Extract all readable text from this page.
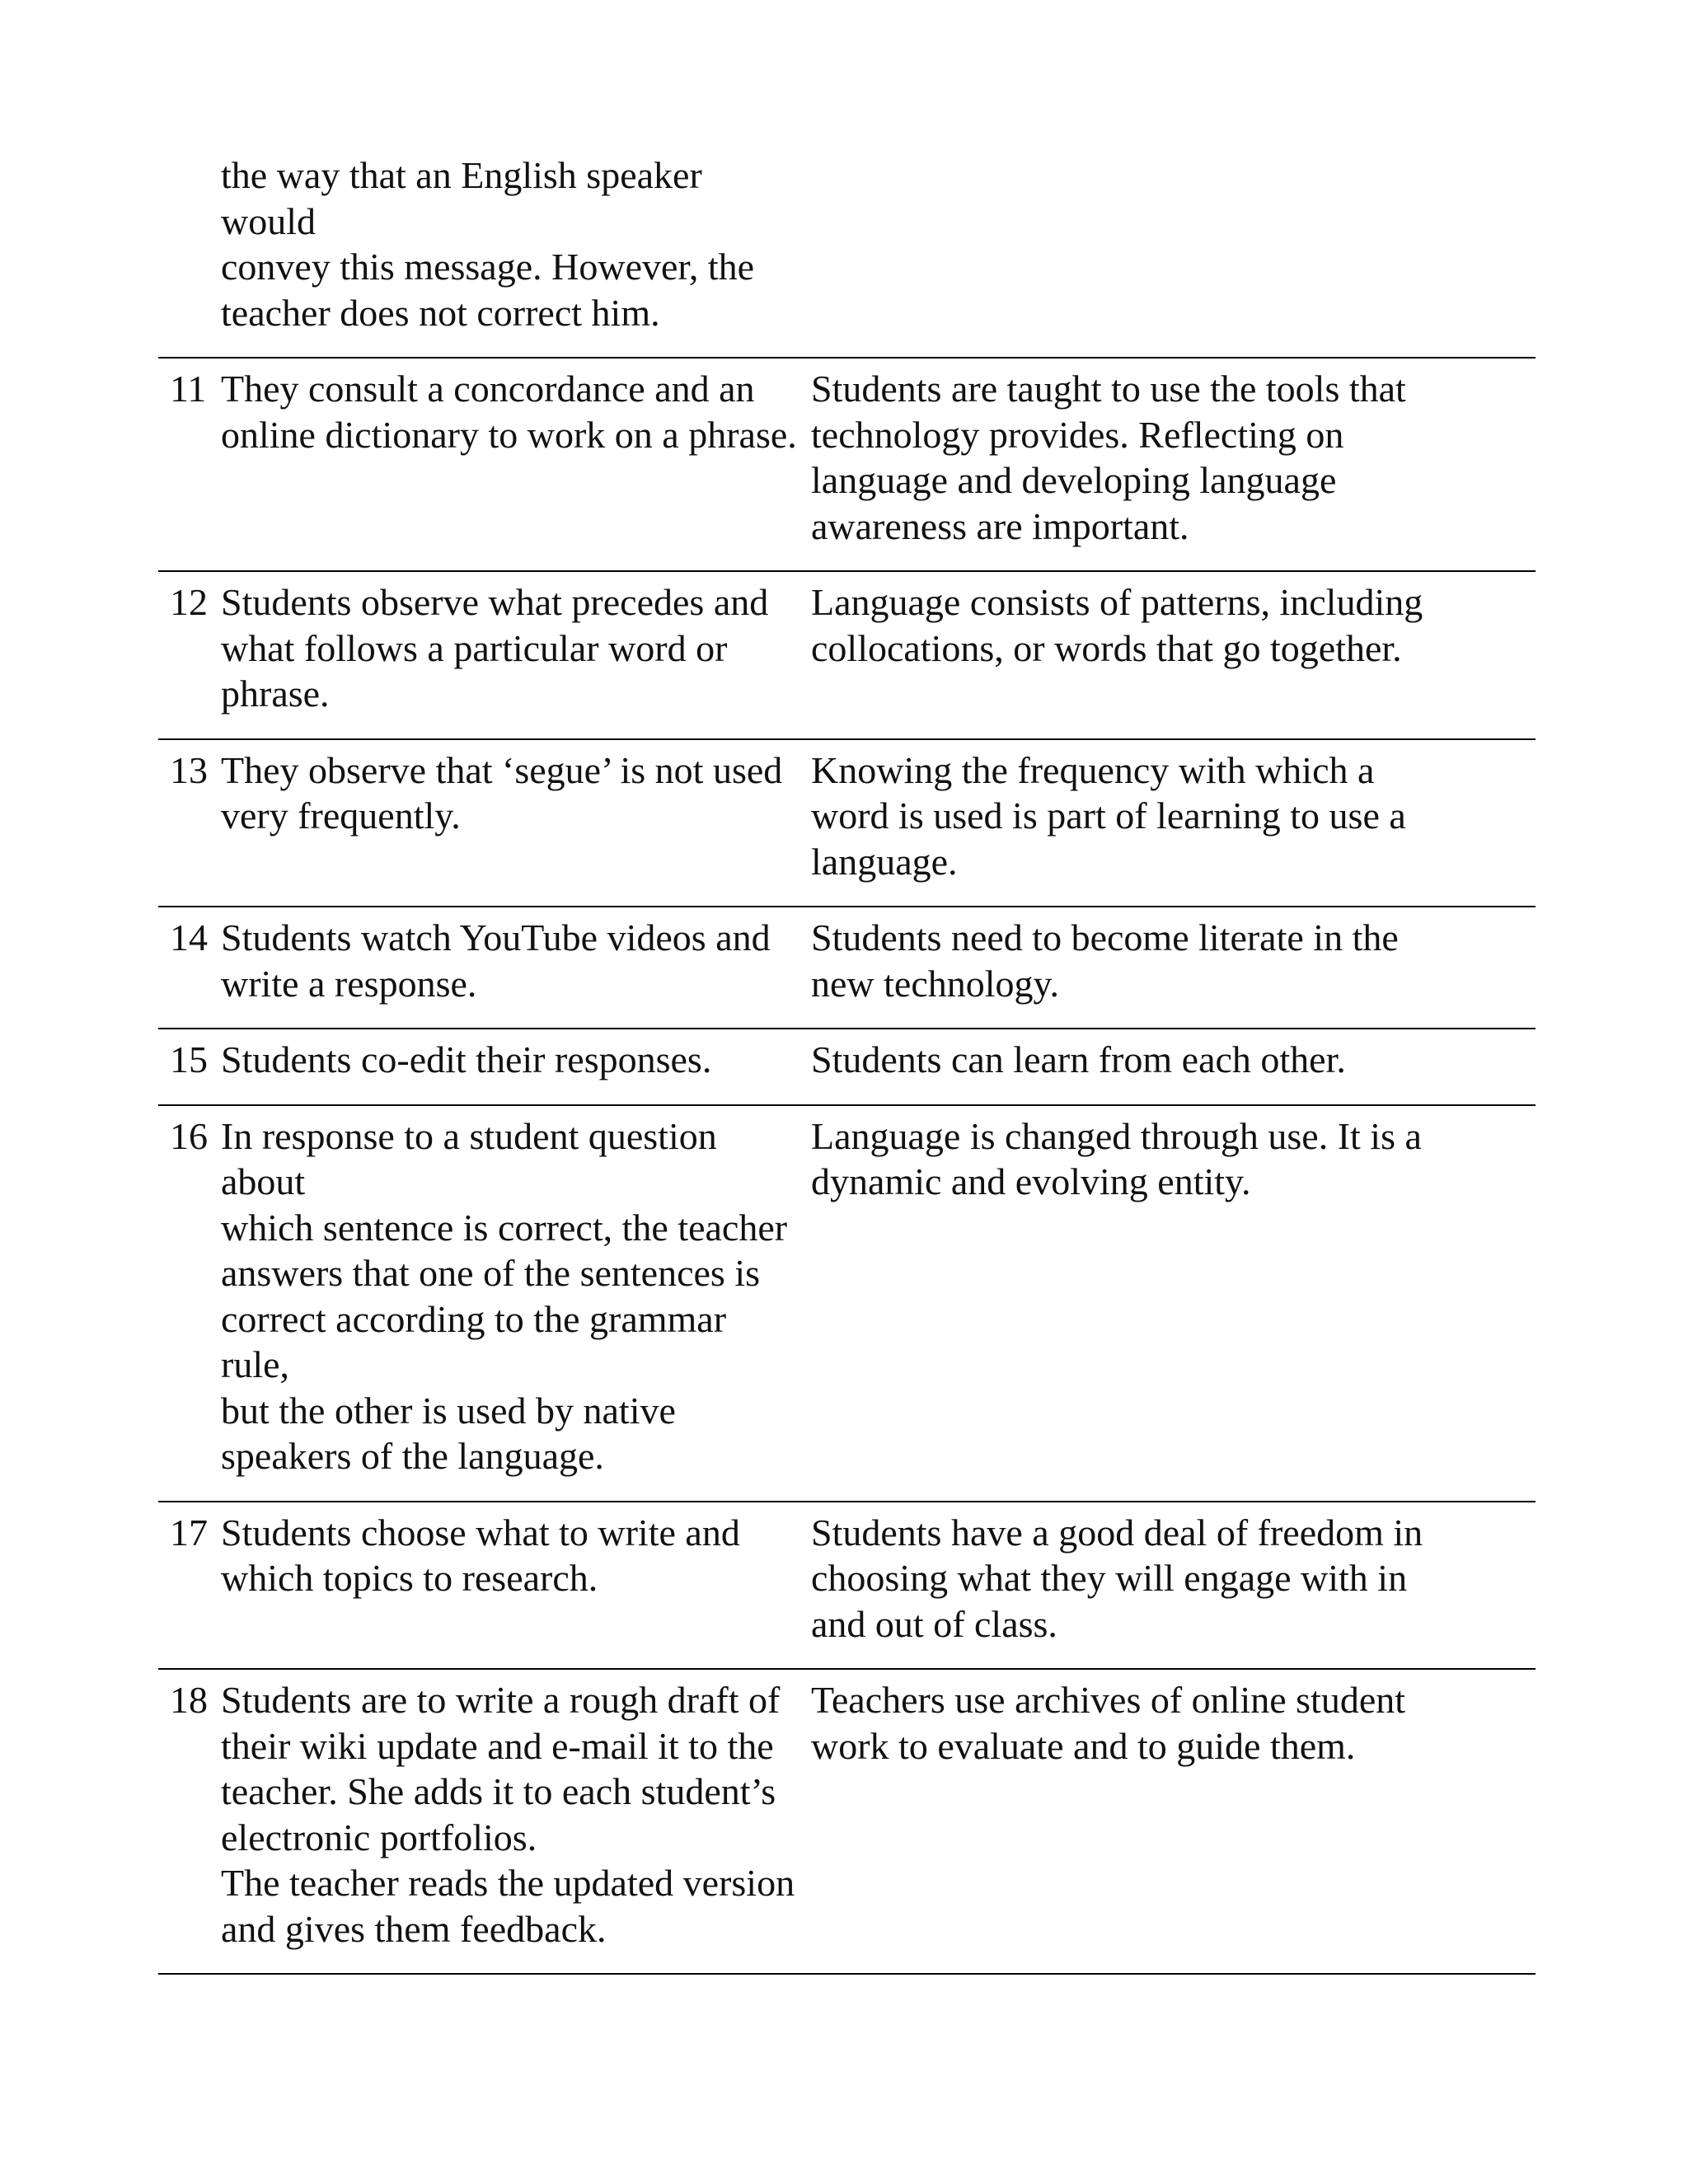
the way that an English speaker would
convey this message. However, the
teacher does not correct him.
11 They consult a concordance and an
online dictionary to work on a phrase.
Students are taught to use the tools that
technology provides. Reflecting on
language and developing language
awareness are important.
12 Students observe what precedes and
what follows a particular word or
phrase.
Language consists of patterns, including
collocations, or words that go together.
13 They observe that ‘segue’ is not used
very frequently.
Knowing the frequency with which a
word is used is part of learning to use a
language.
14 Students watch YouTube videos and
write a response.
Students need to become literate in the
new technology.
15 Students co-edit their responses.	Students can learn from each other.
16 In response to a student question about
which sentence is correct, the teacher
answers that one of the sentences is
correct according to the grammar rule,
but the other is used by native
speakers of the language.
Language is changed through use. It is a
dynamic and evolving entity.
17 Students choose what to write and
which topics to research.
Students have a good deal of freedom in
choosing what they will engage with in
and out of class.
18 Students are to write a rough draft of
their wiki update and e-mail it to the
teacher. She adds it to each student’s
electronic portfolios.
The teacher reads the updated version
and gives them feedback.
Teachers use archives of online student
work to evaluate and to guide them.
